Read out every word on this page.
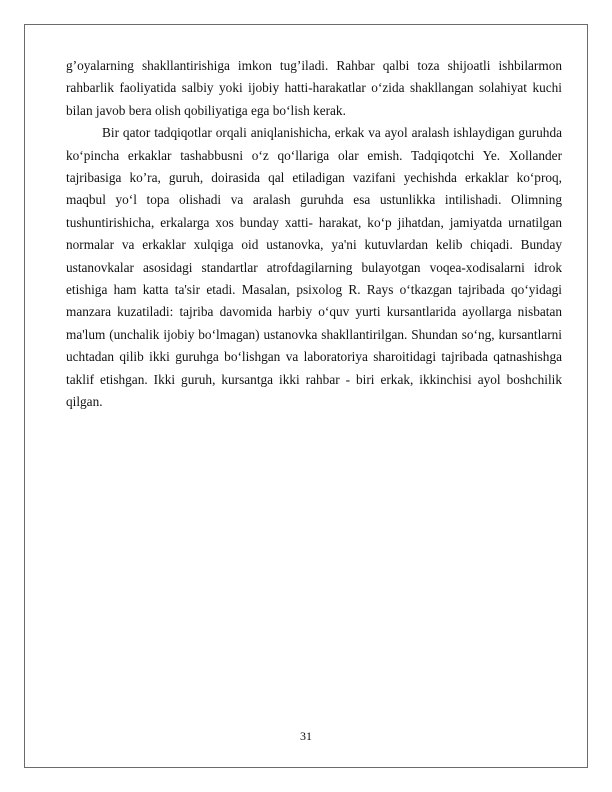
g’oyalarning shakllantirishiga imkon tug’iladi. Rahbar qalbi toza shijoatli ishbilarmon rahbarlik faoliyatida salbiy yoki ijobiy hatti-harakatlar o‘zida shakllangan solahiyat kuchi bilan javob bera olish qobiliyatiga ega bo‘lish kerak.

Bir qator tadqiqotlar orqali aniqlanishicha, erkak va ayol aralash ishlaydigan guruhda ko‘pincha erkaklar tashabbusni o‘z qo‘llariga olar emish. Tadqiqotchi Ye. Xollander tajribasiga ko’ra, guruh, doirasida qal etiladigan vazifani yechishda erkaklar ko‘proq, maqbul yo‘l topa olishadi va aralash guruhda esa ustunlikka intilishadi. Olimning tushuntirishicha, erkalarga xos bunday xatti- harakat, ko‘p jihatdan, jamiyatda urnatilgan normalar va erkaklar xulqiga oid ustanovka, ya'ni kutuvlardan kelib chiqadi. Bunday ustanovkalar asosidagi standartlar atrofdagilarning bulayotgan voqea-xodisalarni idrok etishiga ham katta ta'sir etadi. Masalan, psixolog R. Rays o‘tkazgan tajribada qo‘yidagi manzara kuzatiladi: tajriba davomida harbiy o‘quv yurti kursantlarida ayollarga nisbatan ma'lum (unchalik ijobiy bo‘lmagan) ustanovka shakllantirilgan. Shundan so‘ng, kursantlarni uchtadan qilib ikki guruhga bo‘lishgan va laboratoriya sharoitidagi tajribada qatnashishga taklif etishgan. Ikki guruh, kursantga ikki rahbar - biri erkak, ikkinchisi ayol boshchilik qilgan.

31
